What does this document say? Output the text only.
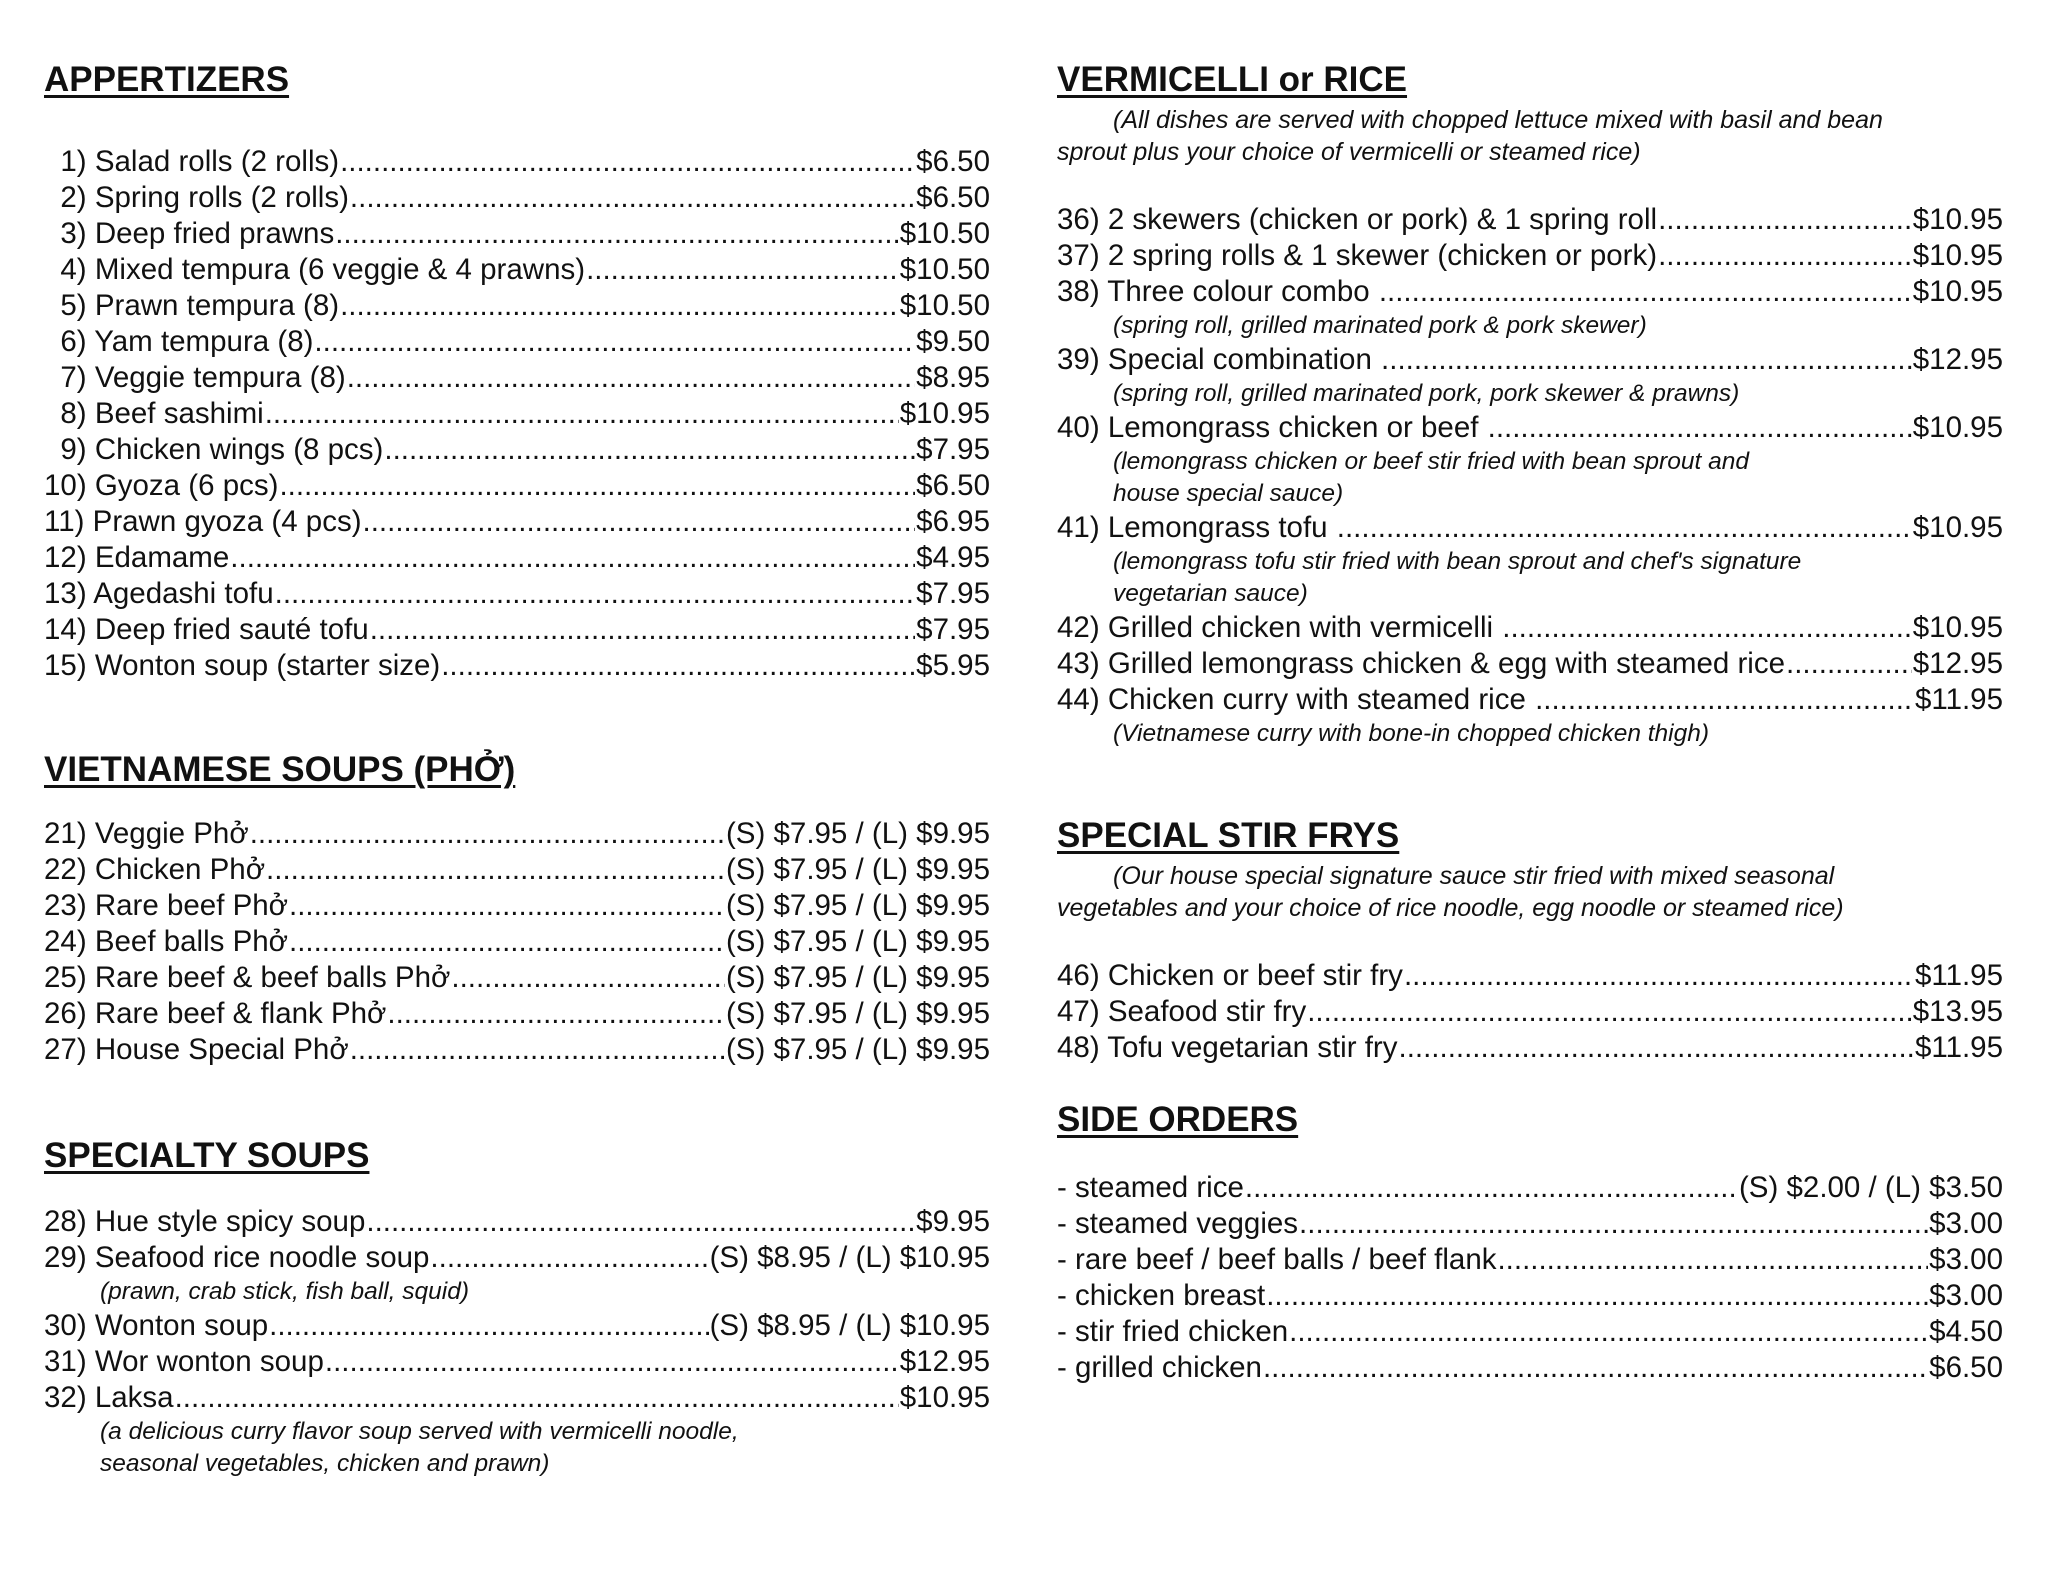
APPERTIZERS
1) Salad rolls (2 rolls) .....	$6.50
2) Spring rolls (2 rolls) .....	$6.50
3) Deep fried prawns .....	$10.50
4) Mixed tempura (6 veggie & 4 prawns) .....	$10.50
5) Prawn tempura (8) .....	$10.50
6) Yam tempura (8) .....	$9.50
7) Veggie tempura (8) .....	$8.95
8) Beef sashimi .....	$10.95
9) Chicken wings (8 pcs) .....	$7.95
10) Gyoza (6 pcs) .....	$6.50
11) Prawn gyoza (4 pcs) .....	$6.95
12) Edamame .....	$4.95
13) Agedashi tofu .....	$7.95
14) Deep fried sauté tofu .....	$7.95
15) Wonton soup (starter size) .....	$5.95
VIETNAMESE SOUPS (PHỞ)
21) Veggie Phở .....	(S) $7.95 / (L) $9.95
22) Chicken Phở .....	(S) $7.95 / (L) $9.95
23) Rare beef Phở .....	(S) $7.95 / (L) $9.95
24) Beef balls Phở .....	(S) $7.95 / (L) $9.95
25) Rare beef & beef balls Phở .....	(S) $7.95 / (L) $9.95
26) Rare beef & flank Phở .....	(S) $7.95 / (L) $9.95
27) House Special Phở .....	(S) $7.95 / (L) $9.95
SPECIALTY SOUPS
28) Hue style spicy soup .....	$9.95
29) Seafood rice noodle soup .....	(S) $8.95 / (L) $10.95

(prawn, crab stick, fish ball, squid)

30) Wonton soup .....	(S) $8.95 / (L) $10.95
31) Wor wonton soup .....	$12.95
32) Laksa .....	$10.95

(a delicious curry flavor soup served with vermicelli noodle,

seasonal vegetables, chicken and prawn)

VERMICELLI or RICE

(All dishes are served with chopped lettuce mixed with basil and bean
sprout plus your choice of vermicelli or steamed rice)

36) 2 skewers (chicken or pork) & 1 spring roll .....	$10.95
37) 2 spring rolls & 1 skewer (chicken or pork) .....	$10.95
38) Three colour combo .....	$10.95

(spring roll, grilled marinated pork & pork skewer)

39) Special combination .....	$12.95

(spring roll, grilled marinated pork, pork skewer & prawns)

40) Lemongrass chicken or beef .....	$10.95

(lemongrass chicken or beef stir fried with bean sprout and

house special sauce)

41) Lemongrass tofu .....	$10.95

(lemongrass tofu stir fried with bean sprout and chef's signature

vegetarian sauce)

42) Grilled chicken with vermicelli .....	$10.95
43) Grilled lemongrass chicken & egg with steamed rice .....	$12.95
44) Chicken curry with steamed rice .....	$11.95

(Vietnamese curry with bone-in chopped chicken thigh)

SPECIAL STIR FRYS

(Our house special signature sauce stir fried with mixed seasonal
vegetables and your choice of rice noodle, egg noodle or steamed rice)

46) Chicken or beef stir fry .....	$11.95
47) Seafood stir fry .....	$13.95
48) Tofu vegetarian stir fry .....	$11.95
SIDE ORDERS
- steamed rice .....	(S) $2.00 / (L) $3.50
- steamed veggies .....	$3.00
- rare beef / beef balls / beef flank .....	$3.00
- chicken breast .....	$3.00
- stir fried chicken .....	$4.50
- grilled chicken .....	$6.50
